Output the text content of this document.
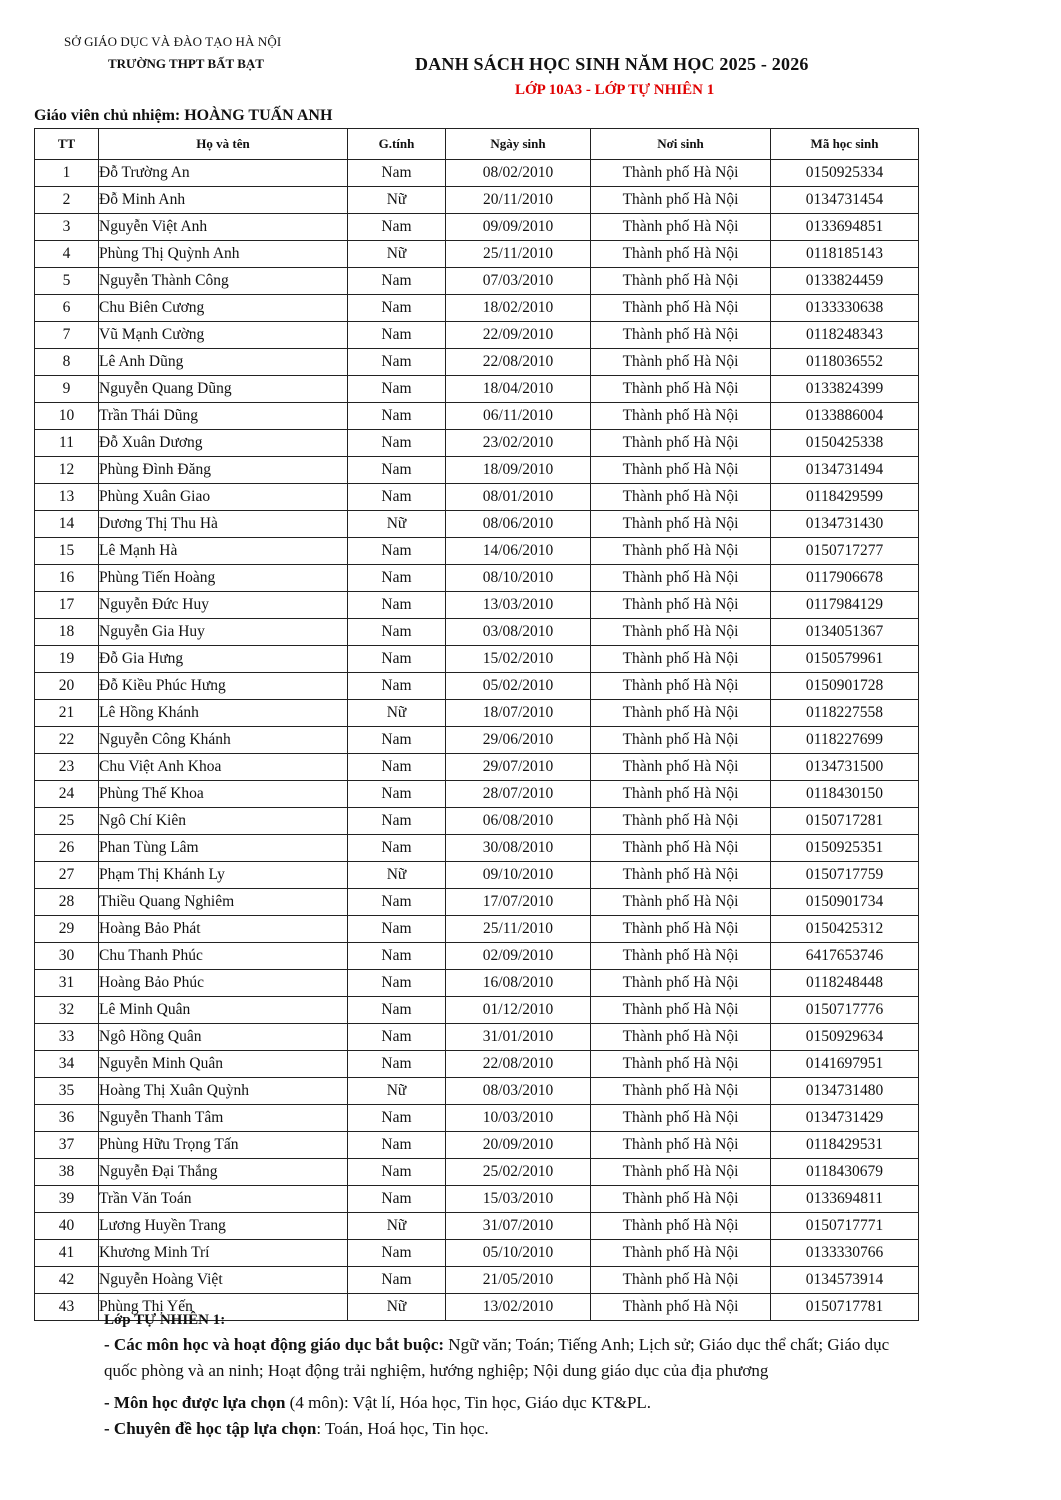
SỞ GIÁO DỤC VÀ ĐÀO TẠO HÀ NỘI
TRƯỜNG THPT BẤT BẠT	DANH SÁCH HỌC SINH NĂM HỌC 2025 - 2026
LỚP 10A3 - LỚP TỰ NHIÊN 1
Giáo viên chủ nhiệm: HOÀNG TUẤN ANH
TT	Họ và tên	G.tính	Ngày sinh	Nơi sinh	Mã học sinh
1	Đỗ Trường An	Nam	08/02/2010	Thành phố Hà Nội	0150925334
2	Đỗ Minh Anh	Nữ	20/11/2010	Thành phố Hà Nội	0134731454
3	Nguyễn Việt Anh	Nam	09/09/2010	Thành phố Hà Nội	0133694851
4	Phùng Thị Quỳnh Anh	Nữ	25/11/2010	Thành phố Hà Nội	0118185143
5	Nguyễn Thành Công	Nam	07/03/2010	Thành phố Hà Nội	0133824459
6	Chu Biên Cương	Nam	18/02/2010	Thành phố Hà Nội	0133330638
7	Vũ Mạnh Cường	Nam	22/09/2010	Thành phố Hà Nội	0118248343
8	Lê Anh Dũng	Nam	22/08/2010	Thành phố Hà Nội	0118036552
9	Nguyễn Quang Dũng	Nam	18/04/2010	Thành phố Hà Nội	0133824399
10	Trần Thái Dũng	Nam	06/11/2010	Thành phố Hà Nội	0133886004
11	Đỗ Xuân Dương	Nam	23/02/2010	Thành phố Hà Nội	0150425338
12	Phùng Đình Đăng	Nam	18/09/2010	Thành phố Hà Nội	0134731494
13	Phùng Xuân Giao	Nam	08/01/2010	Thành phố Hà Nội	0118429599
14	Dương Thị Thu Hà	Nữ	08/06/2010	Thành phố Hà Nội	0134731430
15	Lê Mạnh Hà	Nam	14/06/2010	Thành phố Hà Nội	0150717277
16	Phùng Tiến Hoàng	Nam	08/10/2010	Thành phố Hà Nội	0117906678
17	Nguyễn Đức Huy	Nam	13/03/2010	Thành phố Hà Nội	0117984129
18	Nguyễn Gia Huy	Nam	03/08/2010	Thành phố Hà Nội	0134051367
19	Đỗ Gia Hưng	Nam	15/02/2010	Thành phố Hà Nội	0150579961
20	Đỗ Kiều Phúc Hưng	Nam	05/02/2010	Thành phố Hà Nội	0150901728
21	Lê Hồng Khánh	Nữ	18/07/2010	Thành phố Hà Nội	0118227558
22	Nguyễn Công Khánh	Nam	29/06/2010	Thành phố Hà Nội	0118227699
23	Chu Việt Anh Khoa	Nam	29/07/2010	Thành phố Hà Nội	0134731500
24	Phùng Thế Khoa	Nam	28/07/2010	Thành phố Hà Nội	0118430150
25	Ngô Chí Kiên	Nam	06/08/2010	Thành phố Hà Nội	0150717281
26	Phan Tùng Lâm	Nam	30/08/2010	Thành phố Hà Nội	0150925351
27	Phạm Thị Khánh Ly	Nữ	09/10/2010	Thành phố Hà Nội	0150717759
28	Thiều Quang Nghiêm	Nam	17/07/2010	Thành phố Hà Nội	0150901734
29	Hoàng Bảo Phát	Nam	25/11/2010	Thành phố Hà Nội	0150425312
30	Chu Thanh Phúc	Nam	02/09/2010	Thành phố Hà Nội	6417653746
31	Hoàng Bảo Phúc	Nam	16/08/2010	Thành phố Hà Nội	0118248448
32	Lê Minh Quân	Nam	01/12/2010	Thành phố Hà Nội	0150717776
33	Ngô Hồng Quân	Nam	31/01/2010	Thành phố Hà Nội	0150929634
34	Nguyễn Minh Quân	Nam	22/08/2010	Thành phố Hà Nội	0141697951
35	Hoàng Thị Xuân Quỳnh	Nữ	08/03/2010	Thành phố Hà Nội	0134731480
36	Nguyễn Thanh Tâm	Nam	10/03/2010	Thành phố Hà Nội	0134731429
37	Phùng Hữu Trọng Tấn	Nam	20/09/2010	Thành phố Hà Nội	0118429531
38	Nguyễn Đại Thắng	Nam	25/02/2010	Thành phố Hà Nội	0118430679
39	Trần Văn Toán	Nam	15/03/2010	Thành phố Hà Nội	0133694811
40	Lương Huyền Trang	Nữ	31/07/2010	Thành phố Hà Nội	0150717771
41	Khương Minh Trí	Nam	05/10/2010	Thành phố Hà Nội	0133330766
42	Nguyễn Hoàng Việt	Nam	21/05/2010	Thành phố Hà Nội	0134573914
43	Phùng Thị Yến	Nữ	13/02/2010	Thành phố Hà Nội	0150717781
Lớp TỰ NHIÊN 1:
- Các môn học và hoạt động giáo dục bắt buộc: Ngữ văn; Toán; Tiếng Anh; Lịch sử; Giáo dục thể chất; Giáo dục quốc phòng và an ninh; Hoạt động trải nghiệm, hướng nghiệp; Nội dung giáo dục của địa phương
- Môn học được lựa chọn (4 môn): Vật lí, Hóa học, Tin học, Giáo dục KT&PL.
- Chuyên đề học tập lựa chọn: Toán, Hoá học, Tin học.
